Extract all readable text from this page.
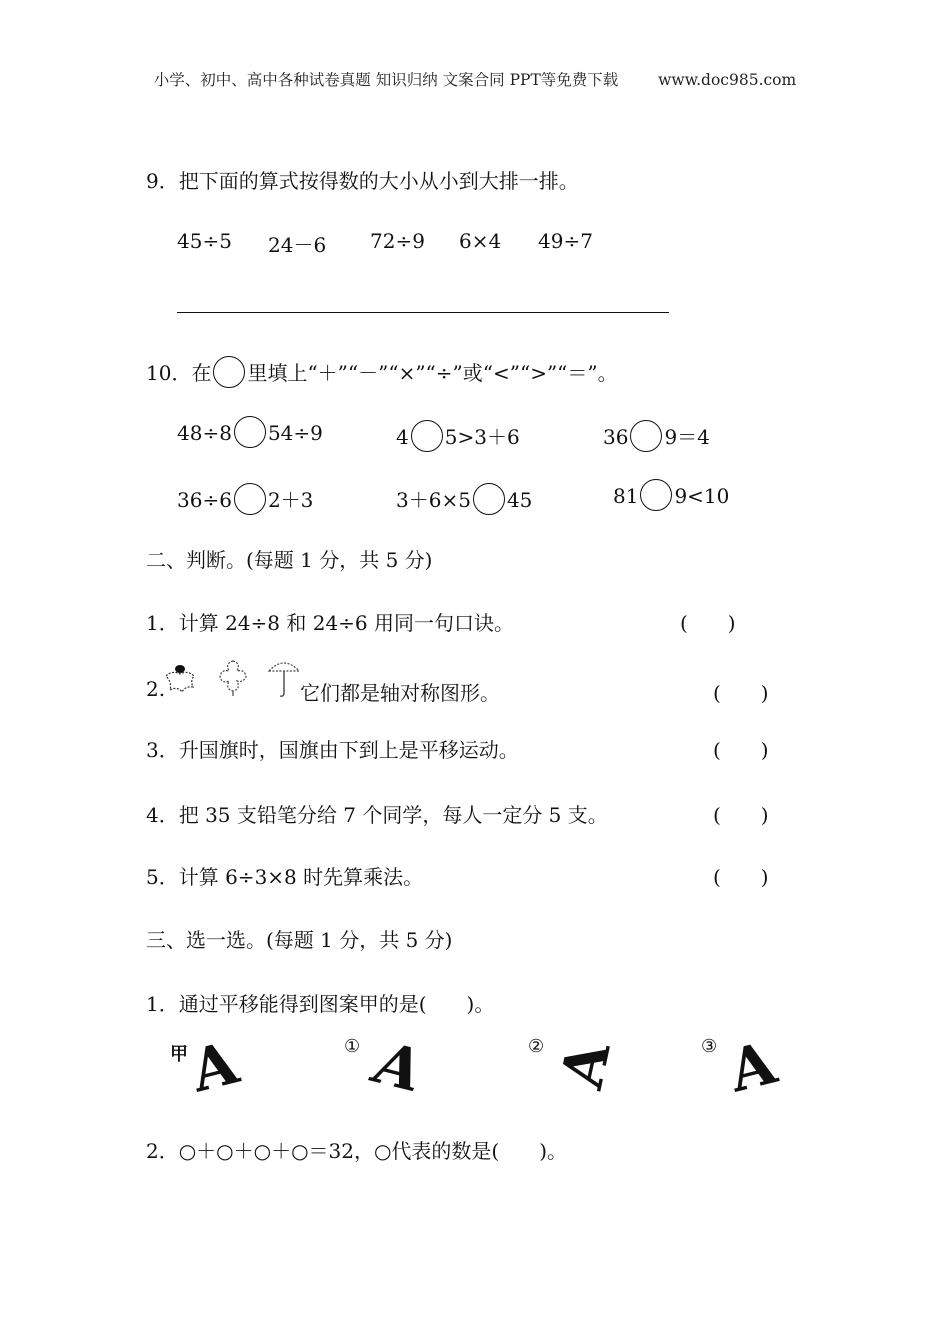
小学、初中、高中各种试卷真题 知识归纳 文案合同 PPT等免费下载	www.doc985.com
9．把下面的算式按得数的大小从小到大排一排。
45÷5 24－6 72÷9 6×4 49÷7
10．在 里填上“＋”“－”“×”“÷”或“<”“>”“＝”。
48÷8 54÷9	4 5>3＋6	36 9＝4
36÷6 2＋3	3＋6×5 45	81 9<10
二、判断。(每题 1 分，共 5 分)
1．计算 24÷8 和 24÷6 用同一句口诀。	(　　)
2.	它们都是轴对称图形。	(　　)
3．升国旗时，国旗由下到上是平移运动。	(　　)
4．把 35 支铅笔分给 7 个同学，每人一定分 5 支。	(　　)
5．计算 6÷3×8 时先算乘法。	(　　)
三、选一选。(每题 1 分，共 5 分)
1．通过平移能得到图案甲的是(　　)。
甲
A	① A	② A	③ A
2．○＋○＋○＋○＝32，○代表的数是(　　)。
